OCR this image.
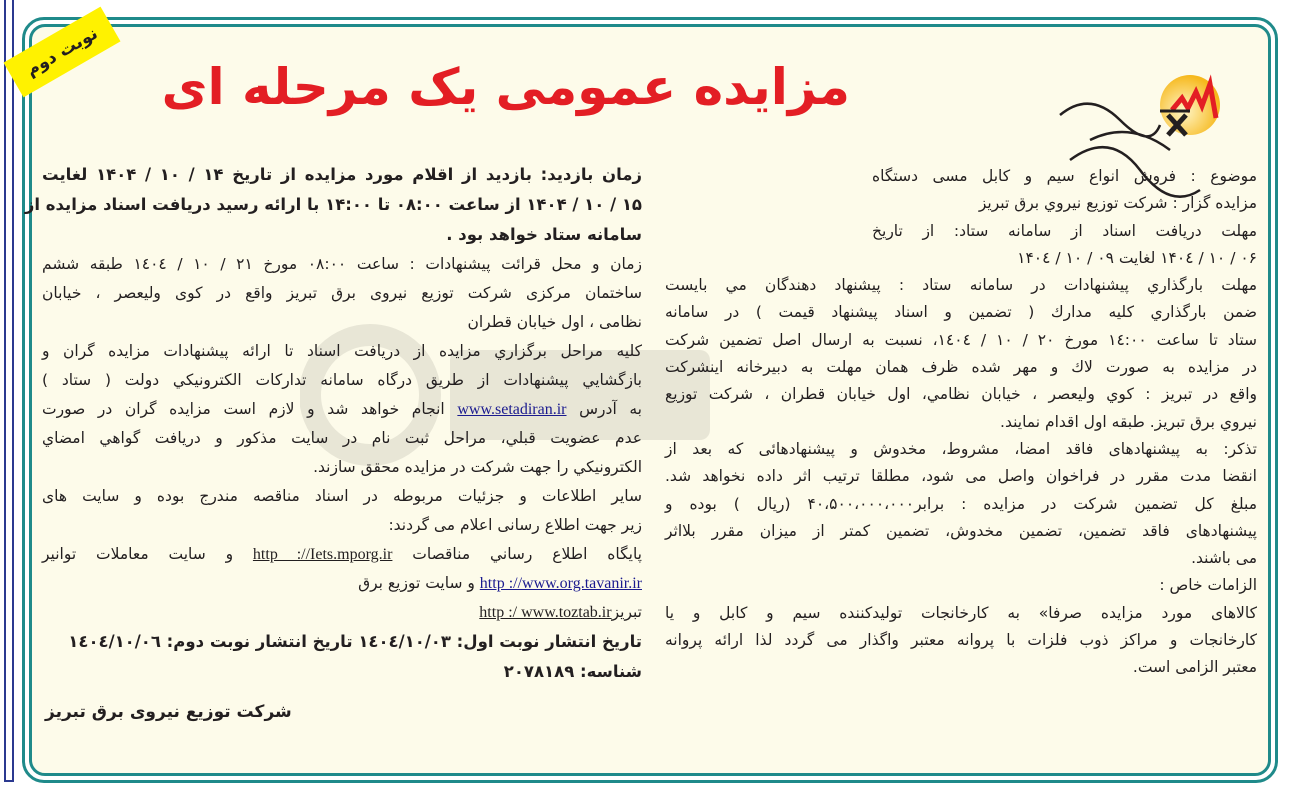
نوبت دوم
مزایده عمومی یک مرحله ای
موضوع : فروش انواع سیم و کابل مسی دستگاه
مزایده گزار : شرکت توزیع نیروي برق تبریز
مهلت دریافت اسناد از سامانه ستاد: از تاریخ
۰۶ / ۱۰ / ۱۴۰٤ لغایت ۰۹ / ۱۰ / ۱۴۰٤
مهلت بارگذاري پیشنهادات در سامانه ستاد : پیشنهاد دهندگان مي بایست
ضمن بارگذاري کلیه مدارك ( تضمین و اسناد پیشنهاد قیمت ) در سامانه
ستاد تا ساعت ۱٤:۰۰ مورخ ۲۰ / ۱۰ / ۱٤۰٤، نسبت به ارسال اصل تضمین شرکت
در مزایده به صورت لاك و مهر شده ظرف همان مهلت به دبیرخانه اینشرکت
واقع در تبریز : کوي ولیعصر ، خیابان نظامي، اول خیابان قطران ، شرکت توزیع
نیروي برق تبریز. طبقه اول اقدام نمایند.
تذکر: به پیشنهادهای فاقد امضا، مشروط، مخدوش و پیشنهادهائی که بعد از
انقضا مدت مقرر در فراخوان واصل می شود، مطلقا ترتیب اثر داده نخواهد شد.
مبلغ کل تضمین شرکت در مزایده : برابر۴۰،۵۰۰،۰۰۰،۰۰۰ (ریال ) بوده و
پیشنهادهای فاقد تضمین، تضمین مخدوش، تضمین کمتر از میزان مقرر بلااثر
می باشند.
الزامات خاص :
کالاهای مورد مزایده صرفا» به کارخانجات تولیدکننده سیم و کابل و یا
کارخانجات و مراکز ذوب فلزات با پروانه معتبر واگذار می گردد لذا ارائه پروانه
معتبر الزامی است.
زمان بازدید: بازدید از اقلام مورد مزایده از تاریخ ۱۴ / ۱۰ / ۱۴۰۴ لغایت
۱۵ / ۱۰ / ۱۴۰۴ از ساعت ۰۸:۰۰ تا ۱۴:۰۰ با ارائه رسید دریافت اسناد مزایده از
سامانه ستاد خواهد بود .
زمان و محل قرائت پیشنهادات : ساعت ۰۸:۰۰ مورخ ۲۱ / ۱۰ / ۱٤۰٤ طبقه ششم
ساختمان مرکزی شرکت توزیع نیروی برق تبریز واقع در کوی ولیعصر ، خیابان
نظامی ، اول خیابان قطران
کلیه مراحل برگزاري مزایده از دریافت اسناد تا ارائه پیشنهادات مزایده گران و
بازگشايي پیشنهادات از طریق درگاه سامانه تدارکات الکترونیکي دولت ( ستاد )
به آدرس www.setadiran.ir انجام خواهد شد و لازم است مزایده گران در صورت
عدم عضویت قبلي، مراحل ثبت نام در سایت مذکور و دریافت گواهي امضاي
الکترونیکي را جهت شرکت در مزایده محقق سازند.
سایر اطلاعات و جزئیات مربوطه در اسناد مناقصه مندرج بوده و سایت های
زیر جهت اطلاع رسانی اعلام می گردند:
پایگاه اطلاع رساني مناقصات http ://Iets.mporg.ir و سایت معاملات توانیر
http ://www.org.tavanir.ir و سایت توزیع برق
تبریزhttp :/ www.toztab.ir
تاریخ انتشار نوبت اول: ۱٤۰٤/۱۰/۰۳ تاریخ انتشار نوبت دوم: ۱٤۰٤/۱۰/۰٦
شناسه: ۲۰۷۸۱۸۹
شرکت توزیع نیروی برق تبریز
